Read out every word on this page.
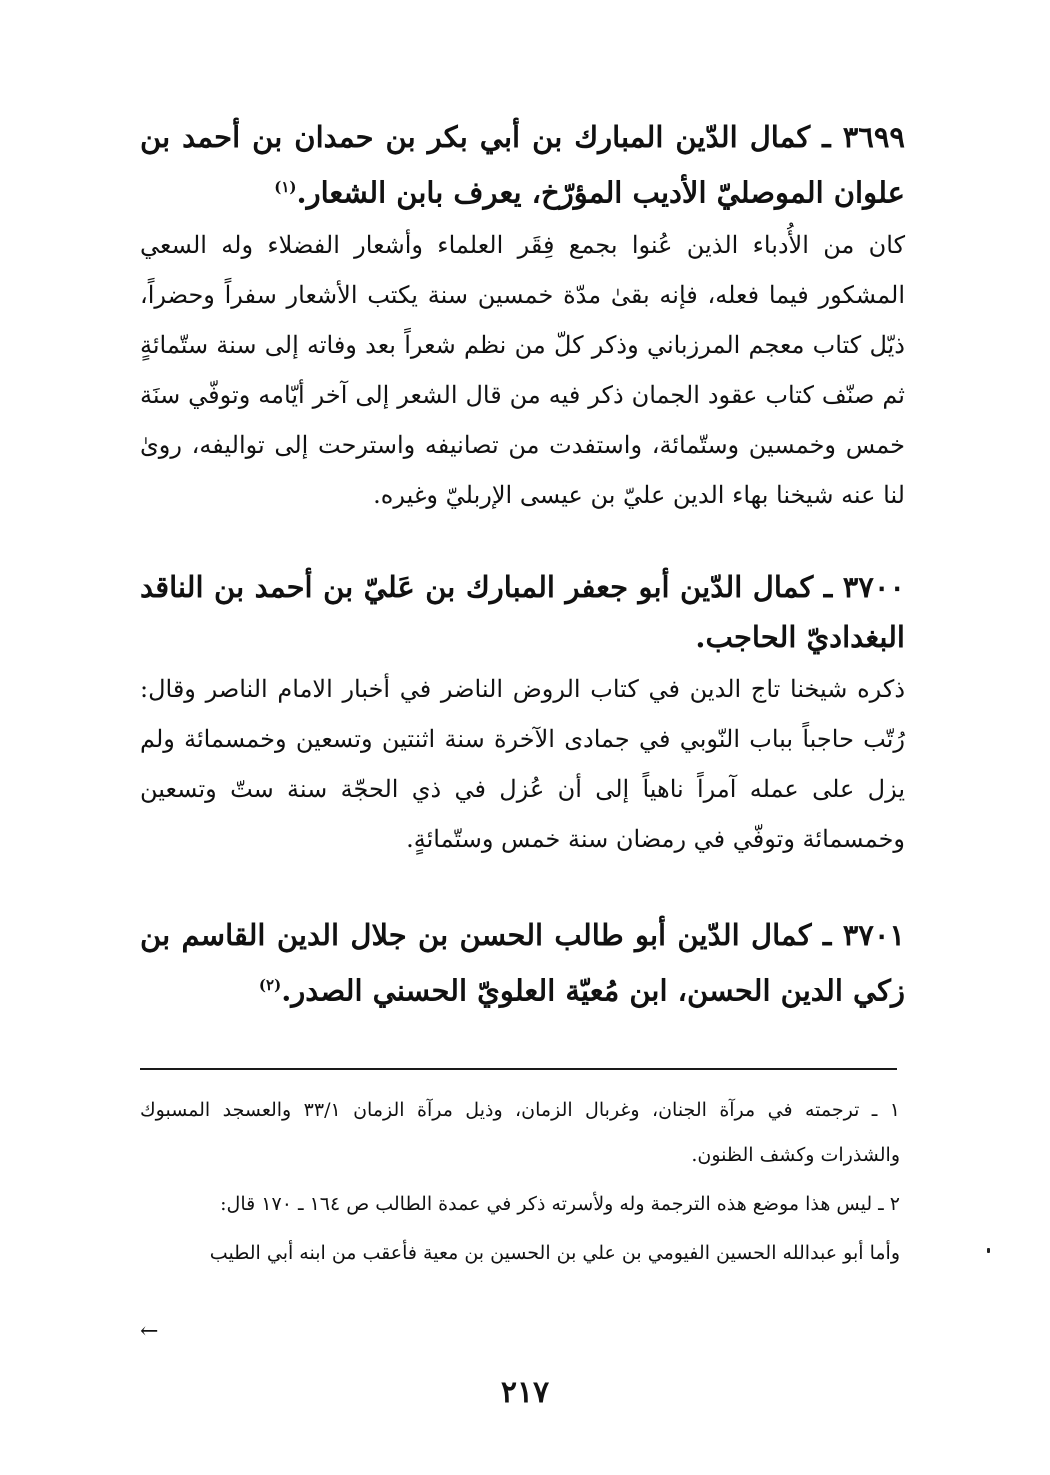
٣٦٩٩ ـ كمال الدّين المبارك بن أبي بكر بن حمدان بن أحمد بن علوان الموصليّ الأديب المؤرّخ، يعرف بابن الشعار.$^{(١)}$

كان من الأُدباء الذين عُنوا بجمع فِقَر العلماء وأشعار الفضلاء وله السعي المشكور فيما فعله، فإنه بقىٰ مدّة خمسين سنة يكتب الأشعار سفراً وحضراً، ذيّل كتاب معجم المرزباني وذكر كلّ من نظم شعراً بعد وفاته إلى سنة ستّمائةٍ ثم صنّف كتاب عقود الجمان ذكر فيه من قال الشعر إلى آخر أيّامه وتوفّي سنَة خمس وخمسين وستّمائة، واستفدت من تصانيفه واسترحت إلى تواليفه، روىٰ لنا عنه شيخنا بهاء الدين عليّ بن عيسى الإربليّ وغيره.

٣٧٠٠ ـ كمال الدّين أبو جعفر المبارك بن عَليّ بن أحمد بن الناقد البغداديّ الحاجب.

ذكره شيخنا تاج الدين في كتاب الروض الناضر في أخبار الامام الناصر وقال: رُتّب حاجباً بباب النّوبي في جمادى الآخرة سنة اثنتين وتسعين وخمسمائة ولم يزل على عمله آمراً ناهياً إلى أن عُزل في ذي الحجّة سنة ستّ وتسعين وخمسمائة وتوفّي في رمضان سنة خمس وستّمائةٍ.

٣٧٠١ ـ كمال الدّين أبو طالب الحسن بن جلال الدين القاسم بن زكي الدين الحسن، ابن مُعيّة العلويّ الحسني الصدر.$^{(٢)}$

١ ـ ترجمته في مرآة الجنان، وغربال الزمان، وذيل مرآة الزمان ٣٣/١ والعسجد المسبوك والشذرات وكشف الظنون.

٢ ـ ليس هذا موضع هذه الترجمة وله ولأسرته ذكر في عمدة الطالب ص ١٦٤ ـ ١٧٠ قال:

وأما أبو عبدالله الحسين الفيومي بن علي بن الحسين بن معية فأعقب من ابنه أبي الطيب

←
٢١٧
